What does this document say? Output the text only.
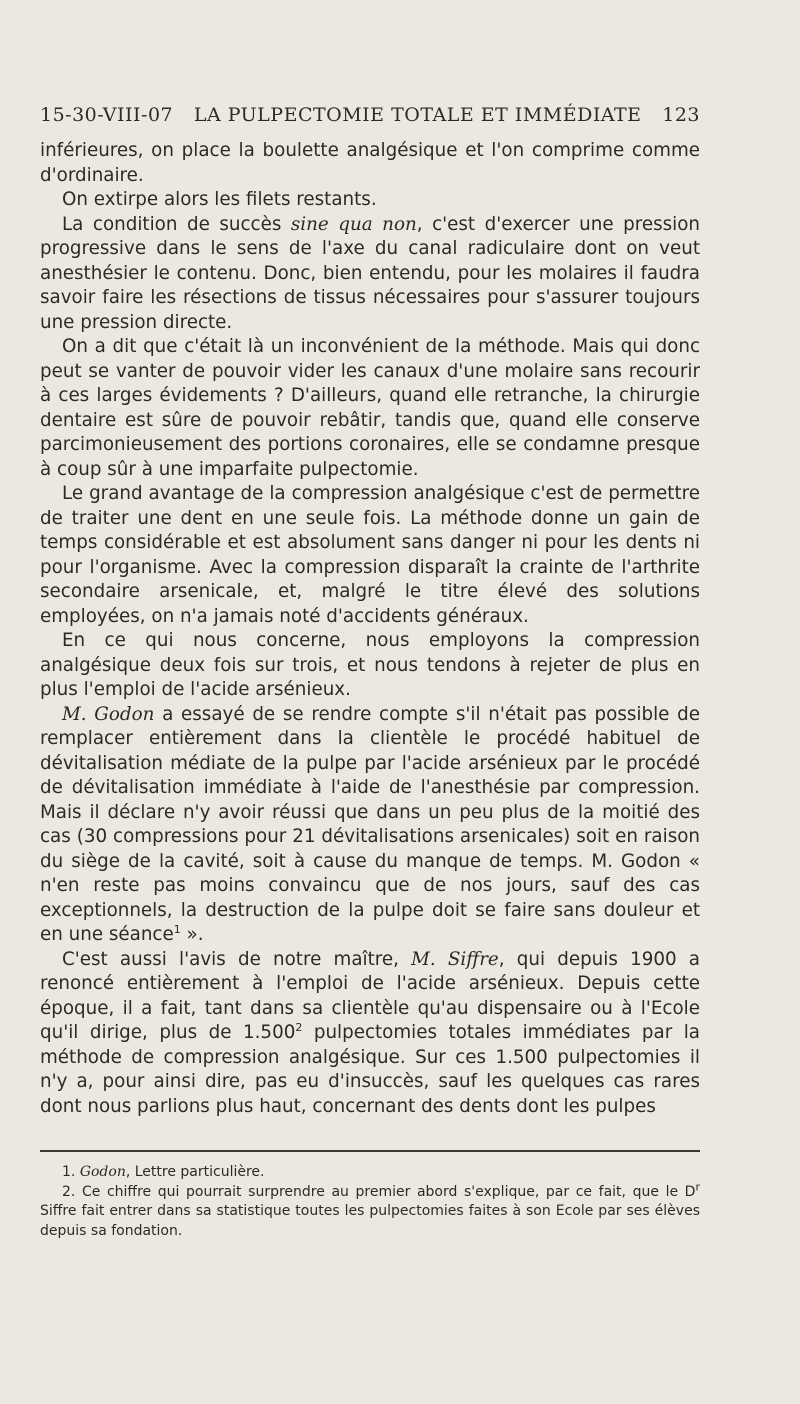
15-30-VIII-07 LA PULPECTOMIE TOTALE ET IMMÉDIATE 123

inférieures, on place la boulette analgésique et l'on comprime comme d'ordinaire.

On extirpe alors les filets restants.

La condition de succès sine qua non, c'est d'exercer une pression progressive dans le sens de l'axe du canal radiculaire dont on veut anesthésier le contenu. Donc, bien entendu, pour les molaires il faudra savoir faire les résections de tissus nécessaires pour s'assurer toujours une pression directe.

On a dit que c'était là un inconvénient de la méthode. Mais qui donc peut se vanter de pouvoir vider les canaux d'une molaire sans recourir à ces larges évidements ? D'ailleurs, quand elle retranche, la chirurgie dentaire est sûre de pouvoir rebâtir, tandis que, quand elle conserve parcimonieusement des portions coronaires, elle se condamne presque à coup sûr à une imparfaite pulpectomie.

Le grand avantage de la compression analgésique c'est de permettre de traiter une dent en une seule fois. La méthode donne un gain de temps considérable et est absolument sans danger ni pour les dents ni pour l'organisme. Avec la compression disparaît la crainte de l'arthrite secondaire arsenicale, et, malgré le titre élevé des solutions employées, on n'a jamais noté d'accidents généraux.

En ce qui nous concerne, nous employons la compression analgésique deux fois sur trois, et nous tendons à rejeter de plus en plus l'emploi de l'acide arsénieux.

M. Godon a essayé de se rendre compte s'il n'était pas possible de remplacer entièrement dans la clientèle le procédé habituel de dévitalisation médiate de la pulpe par l'acide arsénieux par le procédé de dévitalisation immédiate à l'aide de l'anesthésie par compression. Mais il déclare n'y avoir réussi que dans un peu plus de la moitié des cas (30 compressions pour 21 dévitalisations arsenicales) soit en raison du siège de la cavité, soit à cause du manque de temps. M. Godon « n'en reste pas moins convaincu que de nos jours, sauf des cas exceptionnels, la destruction de la pulpe doit se faire sans douleur et en une séance$^1$ ».

C'est aussi l'avis de notre maître, M. Siffre, qui depuis 1900 a renoncé entièrement à l'emploi de l'acide arsénieux. Depuis cette époque, il a fait, tant dans sa clientèle qu'au dispensaire ou à l'Ecole qu'il dirige, plus de 1.500$^2$ pulpectomies totales immédiates par la méthode de compression analgésique. Sur ces 1.500 pulpectomies il n'y a, pour ainsi dire, pas eu d'insuccès, sauf les quelques cas rares dont nous parlions plus haut, concernant des dents dont les pulpes

1. Godon, Lettre particulière.

2. Ce chiffre qui pourrait surprendre au premier abord s'explique, par ce fait, que le $D^r$ Siffre fait entrer dans sa statistique toutes les pulpectomies faites à son Ecole par ses élèves depuis sa fondation.
